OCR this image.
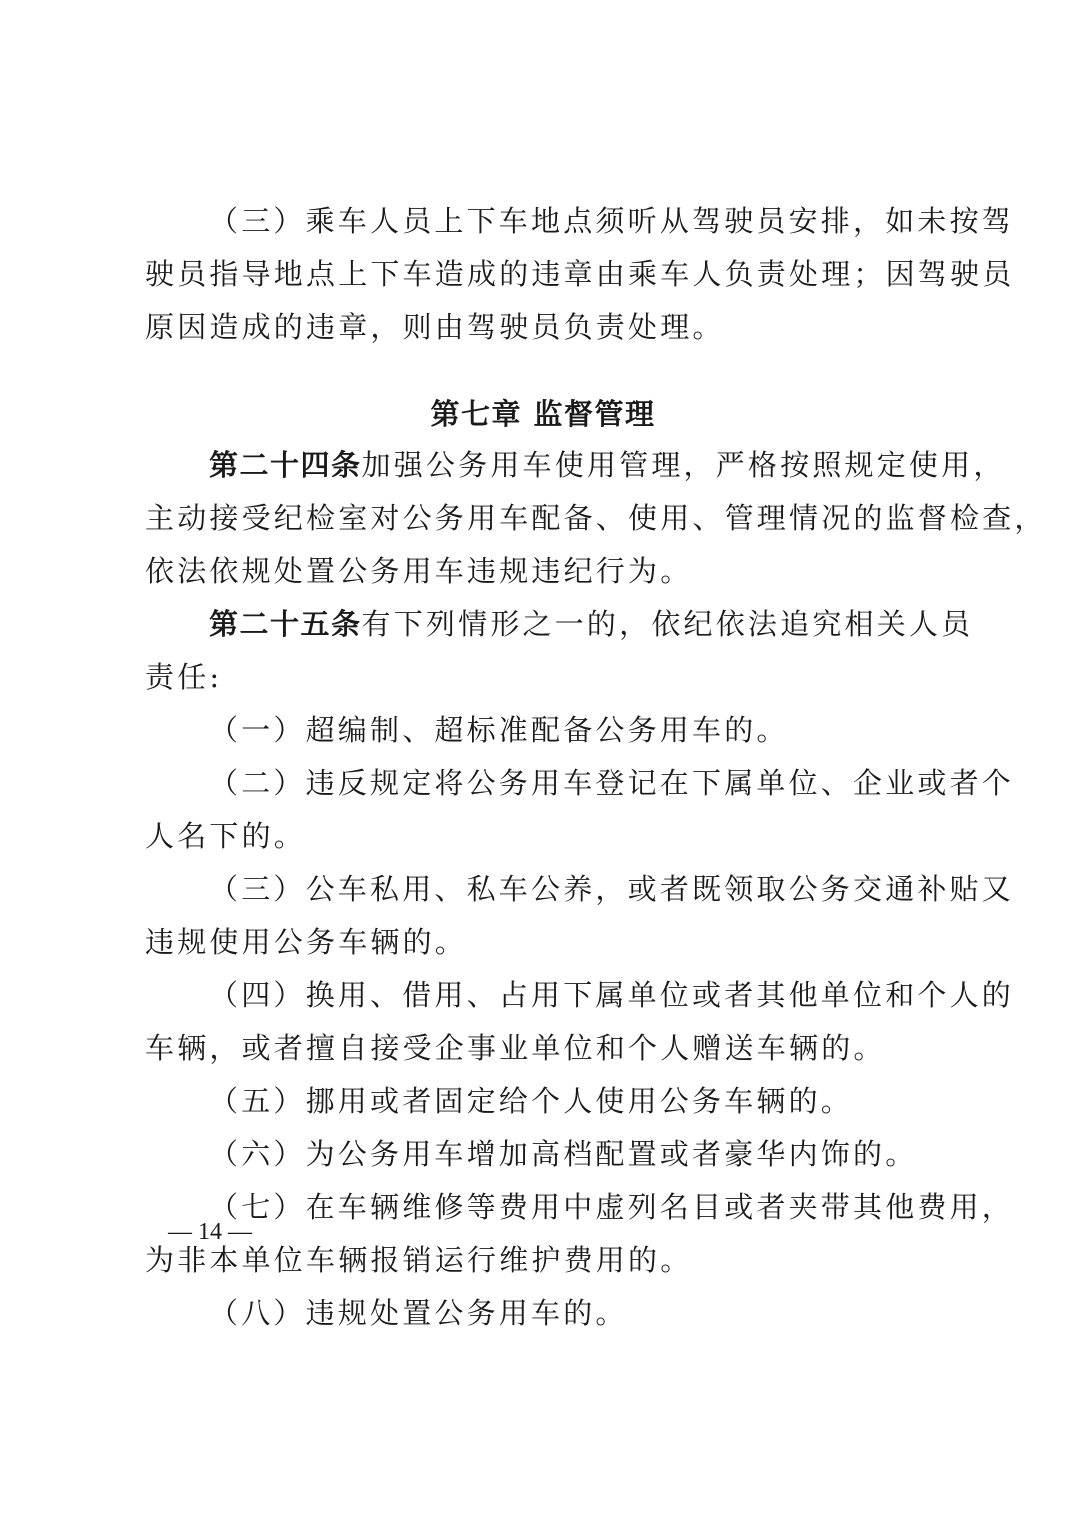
（三）乘车人员上下车地点须听从驾驶员安排，如未按驾
驶员指导地点上下车造成的违章由乘车人负责处理；因驾驶员
原因造成的违章，则由驾驶员负责处理。
第七章 监督管理
第二十四条加强公务用车使用管理，严格按照规定使用，
主动接受纪检室对公务用车配备、使用、管理情况的监督检查，
依法依规处置公务用车违规违纪行为。
第二十五条有下列情形之一的，依纪依法追究相关人员
责任:
（一）超编制、超标准配备公务用车的。
（二）违反规定将公务用车登记在下属单位、企业或者个
人名下的。
（三）公车私用、私车公养，或者既领取公务交通补贴又
违规使用公务车辆的。
（四）换用、借用、占用下属单位或者其他单位和个人的
车辆，或者擅自接受企事业单位和个人赠送车辆的。
（五）挪用或者固定给个人使用公务车辆的。
（六）为公务用车增加高档配置或者豪华内饰的。
（七）在车辆维修等费用中虚列名目或者夹带其他费用，
为非本单位车辆报销运行维护费用的。
（八）违规处置公务用车的。
— 14 —
